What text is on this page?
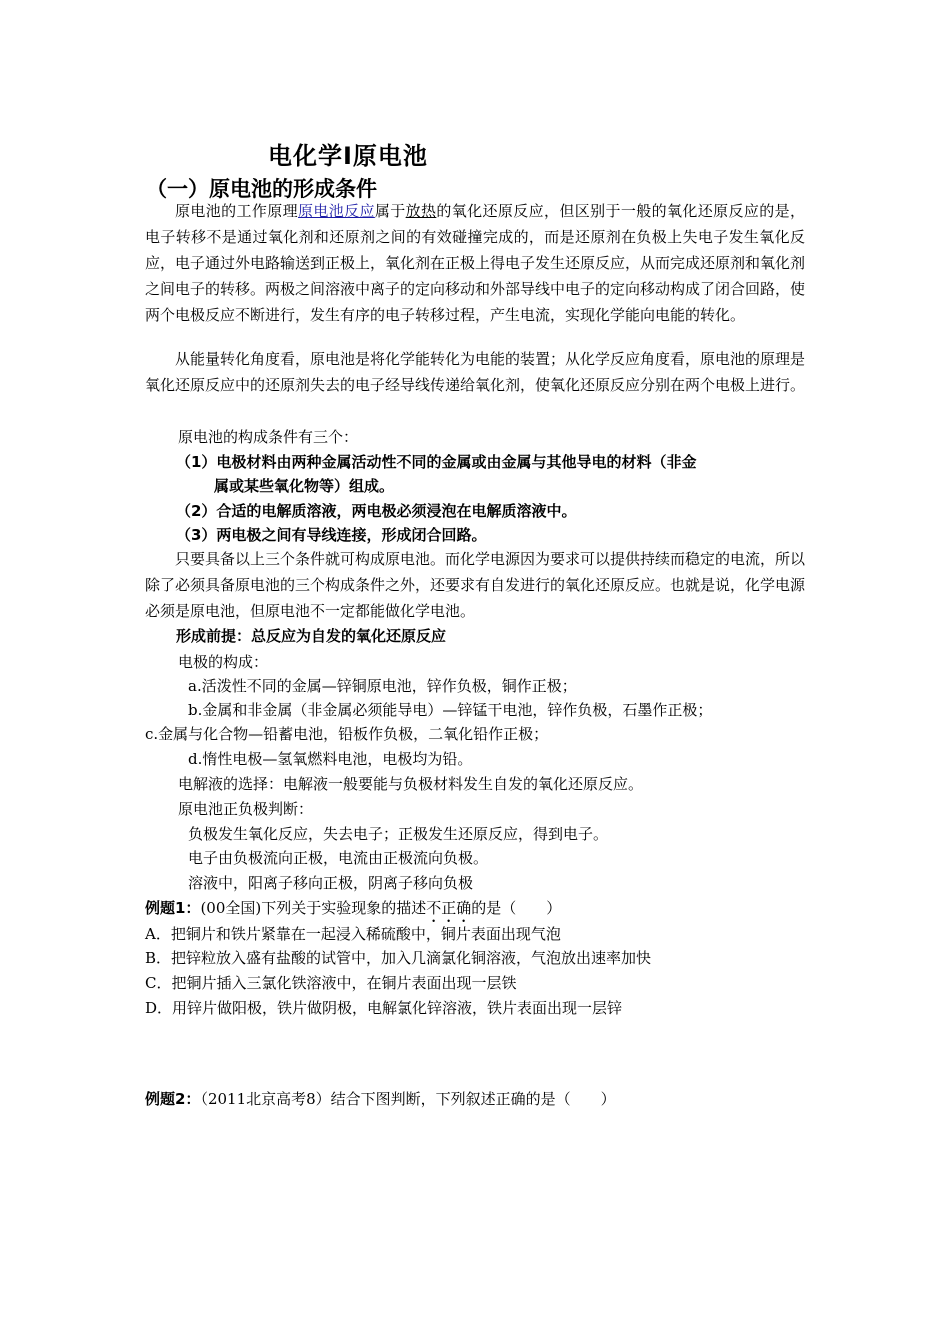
电化学Ⅰ原电池
（一）原电池的形成条件

原电池的工作原理原电池反应属于放热的氧化还原反应，但区别于一般的氧化还原反应的是，电子转移不是通过氧化剂和还原剂之间的有效碰撞完成的，而是还原剂在负极上失电子发生氧化反应，电子通过外电路输送到正极上，氧化剂在正极上得电子发生还原反应，从而完成还原剂和氧化剂之间电子的转移。两极之间溶液中离子的定向移动和外部导线中电子的定向移动构成了闭合回路，使两个电极反应不断进行，发生有序的电子转移过程，产生电流，实现化学能向电能的转化。

从能量转化角度看，原电池是将化学能转化为电能的装置；从化学反应角度看，原电池的原理是氧化还原反应中的还原剂失去的电子经导线传递给氧化剂，使氧化还原反应分别在两个电极上进行。

原电池的构成条件有三个：
（1）电极材料由两种金属活动性不同的金属或由金属与其他导电的材料（非金
属或某些氧化物等）组成。
（2）合适的电解质溶液，两电极必须浸泡在电解质溶液中。
（3）两电极之间有导线连接，形成闭合回路。

只要具备以上三个条件就可构成原电池。而化学电源因为要求可以提供持续而稳定的电流，所以除了必须具备原电池的三个构成条件之外，还要求有自发进行的氧化还原反应。也就是说，化学电源必须是原电池，但原电池不一定都能做化学电池。

形成前提：总反应为自发的氧化还原反应
电极的构成：
a.活泼性不同的金属—锌铜原电池，锌作负极，铜作正极；
b.金属和非金属（非金属必须能导电）—锌锰干电池，锌作负极，石墨作正极；
c.金属与化合物—铅蓄电池，铅板作负极，二氧化铅作正极；
d.惰性电极—氢氧燃料电池，电极均为铅。
电解液的选择：电解液一般要能与负极材料发生自发的氧化还原反应。
原电池正负极判断：
负极发生氧化反应，失去电子；正极发生还原反应，得到电子。
电子由负极流向正极，电流由正极流向负极。
溶液中，阳离子移向正极，阴离子移向负极
例题1：(00全国)下列关于实验现象的描述不正确的是（　　）
A．把铜片和铁片紧靠在一起浸入稀硫酸中，铜片表面出现气泡
B．把锌粒放入盛有盐酸的试管中，加入几滴氯化铜溶液，气泡放出速率加快
C．把铜片插入三氯化铁溶液中，在铜片表面出现一层铁
D．用锌片做阳极，铁片做阴极，电解氯化锌溶液，铁片表面出现一层锌
例题2：（2011北京高考8）结合下图判断，下列叙述正确的是（　　）
